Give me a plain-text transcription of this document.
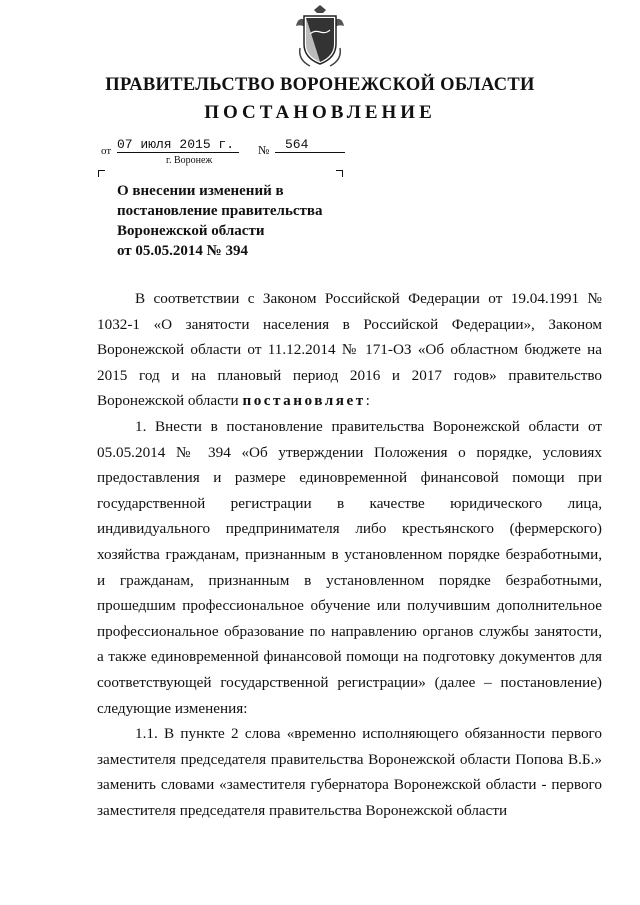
ПРАВИТЕЛЬСТВО ВОРОНЕЖСКОЙ ОБЛАСТИ
ПОСТАНОВЛЕНИЕ
от 07 июля 2015 г.	№	564
г. Воронеж
О внесении изменений в
постановление правительства
Воронежской области
от 05.05.2014 № 394

В соответствии с Законом Российской Федерации от 19.04.1991 № 1032-1 «О занятости населения в Российской Федерации», Законом Воронежской области от 11.12.2014 № 171-ОЗ «Об областном бюджете на 2015 год и на плановый период 2016 и 2017 годов» правительство Воронежской области постановляет:

1. Внести в постановление правительства Воронежской области от 05.05.2014 № 394 «Об утверждении Положения о порядке, условиях предоставления и размере единовременной финансовой помощи при государственной регистрации в качестве юридического лица, индивидуального предпринимателя либо крестьянского (фермерского) хозяйства гражданам, признанным в установленном порядке безработными, и гражданам, признанным в установленном порядке безработными, прошедшим профессиональное обучение или получившим дополнительное профессиональное образование по направлению органов службы занятости, а также единовременной финансовой помощи на подготовку документов для соответствующей государственной регистрации» (далее – постановление) следующие изменения:

1.1. В пункте 2 слова «временно исполняющего обязанности первого заместителя председателя правительства Воронежской области Попова В.Б.» заменить словами «заместителя губернатора Воронежской области - первого заместителя председателя правительства Воронежской области
